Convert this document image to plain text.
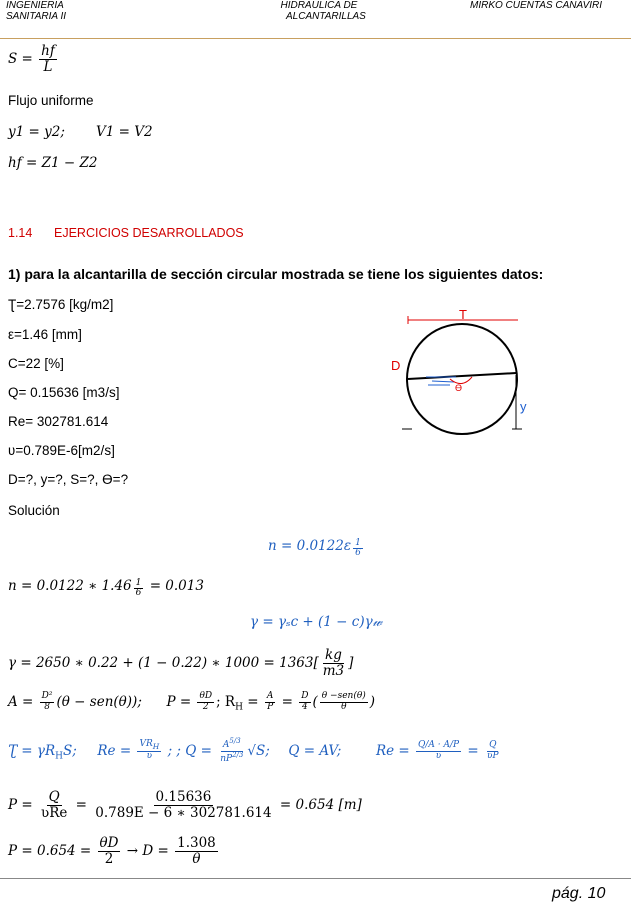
INGENIERIA
SANITARIA II
HIDRAULICA DE
ALCANTARILLAS
MIRKO CUENTAS CANAVIRI
$S = \frac{hf}{L}$
Flujo uniforme
y1 = y2; V1 = V2
hf = Z1 − Z2
1.14 EJERCICIOS DESARROLLADOS
1) para la alcantarilla de sección circular mostrada se tiene los siguientes datos:
Ʈ=2.7576 [kg/m2]
ε=1.46 [mm]
C=22 [%]
Q= 0.15636 [m3/s]
Re= 302781.614
ʋ=0.789E-6[m2/s]
D=?, y=?, S=?, Ɵ=?
T
D
y
Ɵ
Solución
$n = 0.0122\varepsilon \frac{1}{6}$
n = 0.0122 ∗ $1.46 \frac{1}{6} = 0.013$
γ = γₛc + (1 − c)γ𝓌
γ = 2650 ∗ 0.22 + (1 − 0.22) ∗ $1000 = 1363[ \frac{kg}{m3}$ ]
$A = \frac{\text{D²}}{8} (\theta - sen(\theta))$; $P = \frac{\theta D}{2}$ ; $R_H = \frac{A}{P} = \frac{D}{4}$ ( $\frac{\text{θ −sen(θ)}}{\theta}$ )
Ʈ = $\gamma R_HS$; $Re = \frac{VR_H}{\text{ʋ}}$ ; ; $Q = \frac{A^{5/3}}{nP^{2/3}} √S$; Q = AV;	$Re = \frac{Q/A \cdot A/P}{\text{ʋ}} = \frac{Q}{\text{ʋP}}$
$P = \frac{Q}{\text{ʋRe}} = \frac{0.15636}{0.789E - 6 ∗ 302781.614} = 0.654$ [m]
$P = 0.654 = \frac{\theta D}{2} \to D = \frac{1.308}{\theta}$
pág. 10
